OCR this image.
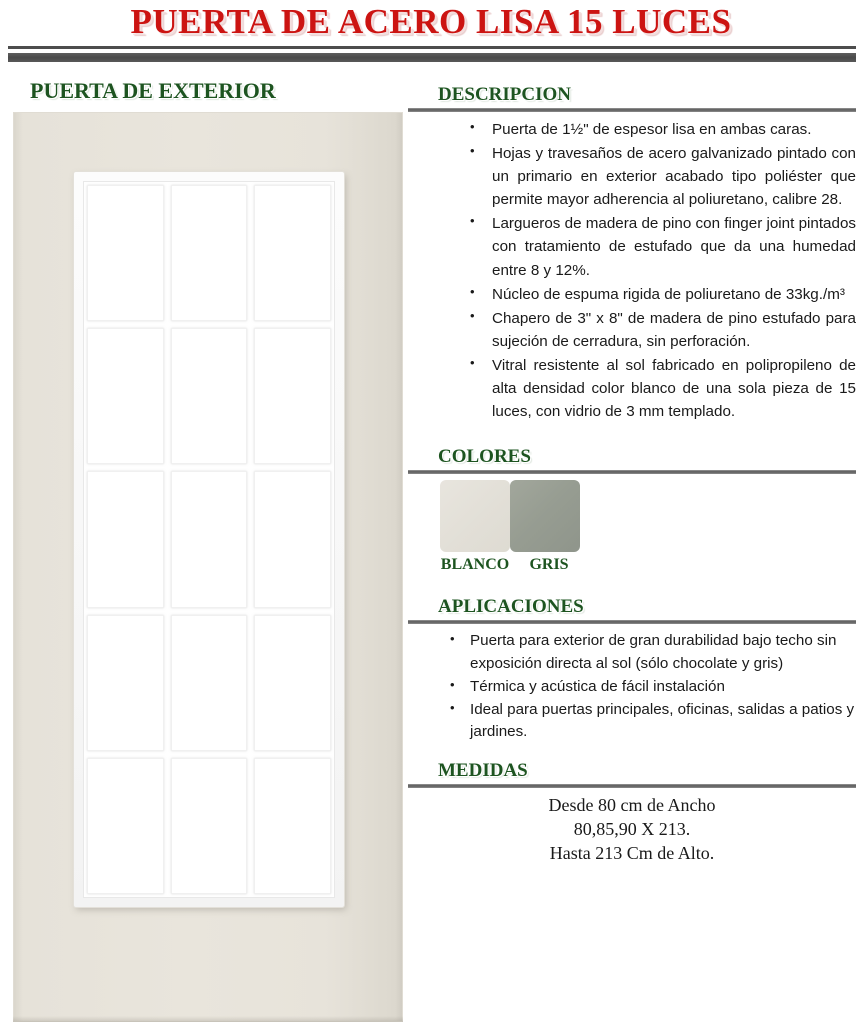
PUERTA DE ACERO LISA 15 LUCES
PUERTA DE EXTERIOR	DESCRIPCION
• Puerta de 1½" de espesor lisa en ambas caras.
• Hojas y travesaños de acero galvanizado pintado con un primario en exterior acabado tipo poliéster que permite mayor adherencia al poliuretano, calibre 28.
• Largueros de madera de pino con finger joint pintados con tratamiento de estufado que da una humedad entre 8 y 12%.
• Núcleo de espuma rigida de poliuretano de 33kg./m³
• Chapero de 3" x 8" de madera de pino estufado para sujeción de cerradura, sin perforación.
• Vitral resistente al sol fabricado en polipropileno de alta densidad color blanco de una sola pieza de 15 luces, con vidrio de 3 mm templado.
COLORES
BLANCO	GRIS
APLICACIONES
• Puerta para exterior de gran durabilidad bajo techo sin exposición directa al sol (sólo chocolate y gris)
• Térmica y acústica de fácil instalación
• Ideal para puertas principales, oficinas, salidas a patios y jardines.
MEDIDAS
Desde 80 cm de Ancho
80,85,90 X 213.
Hasta 213 Cm de Alto.
